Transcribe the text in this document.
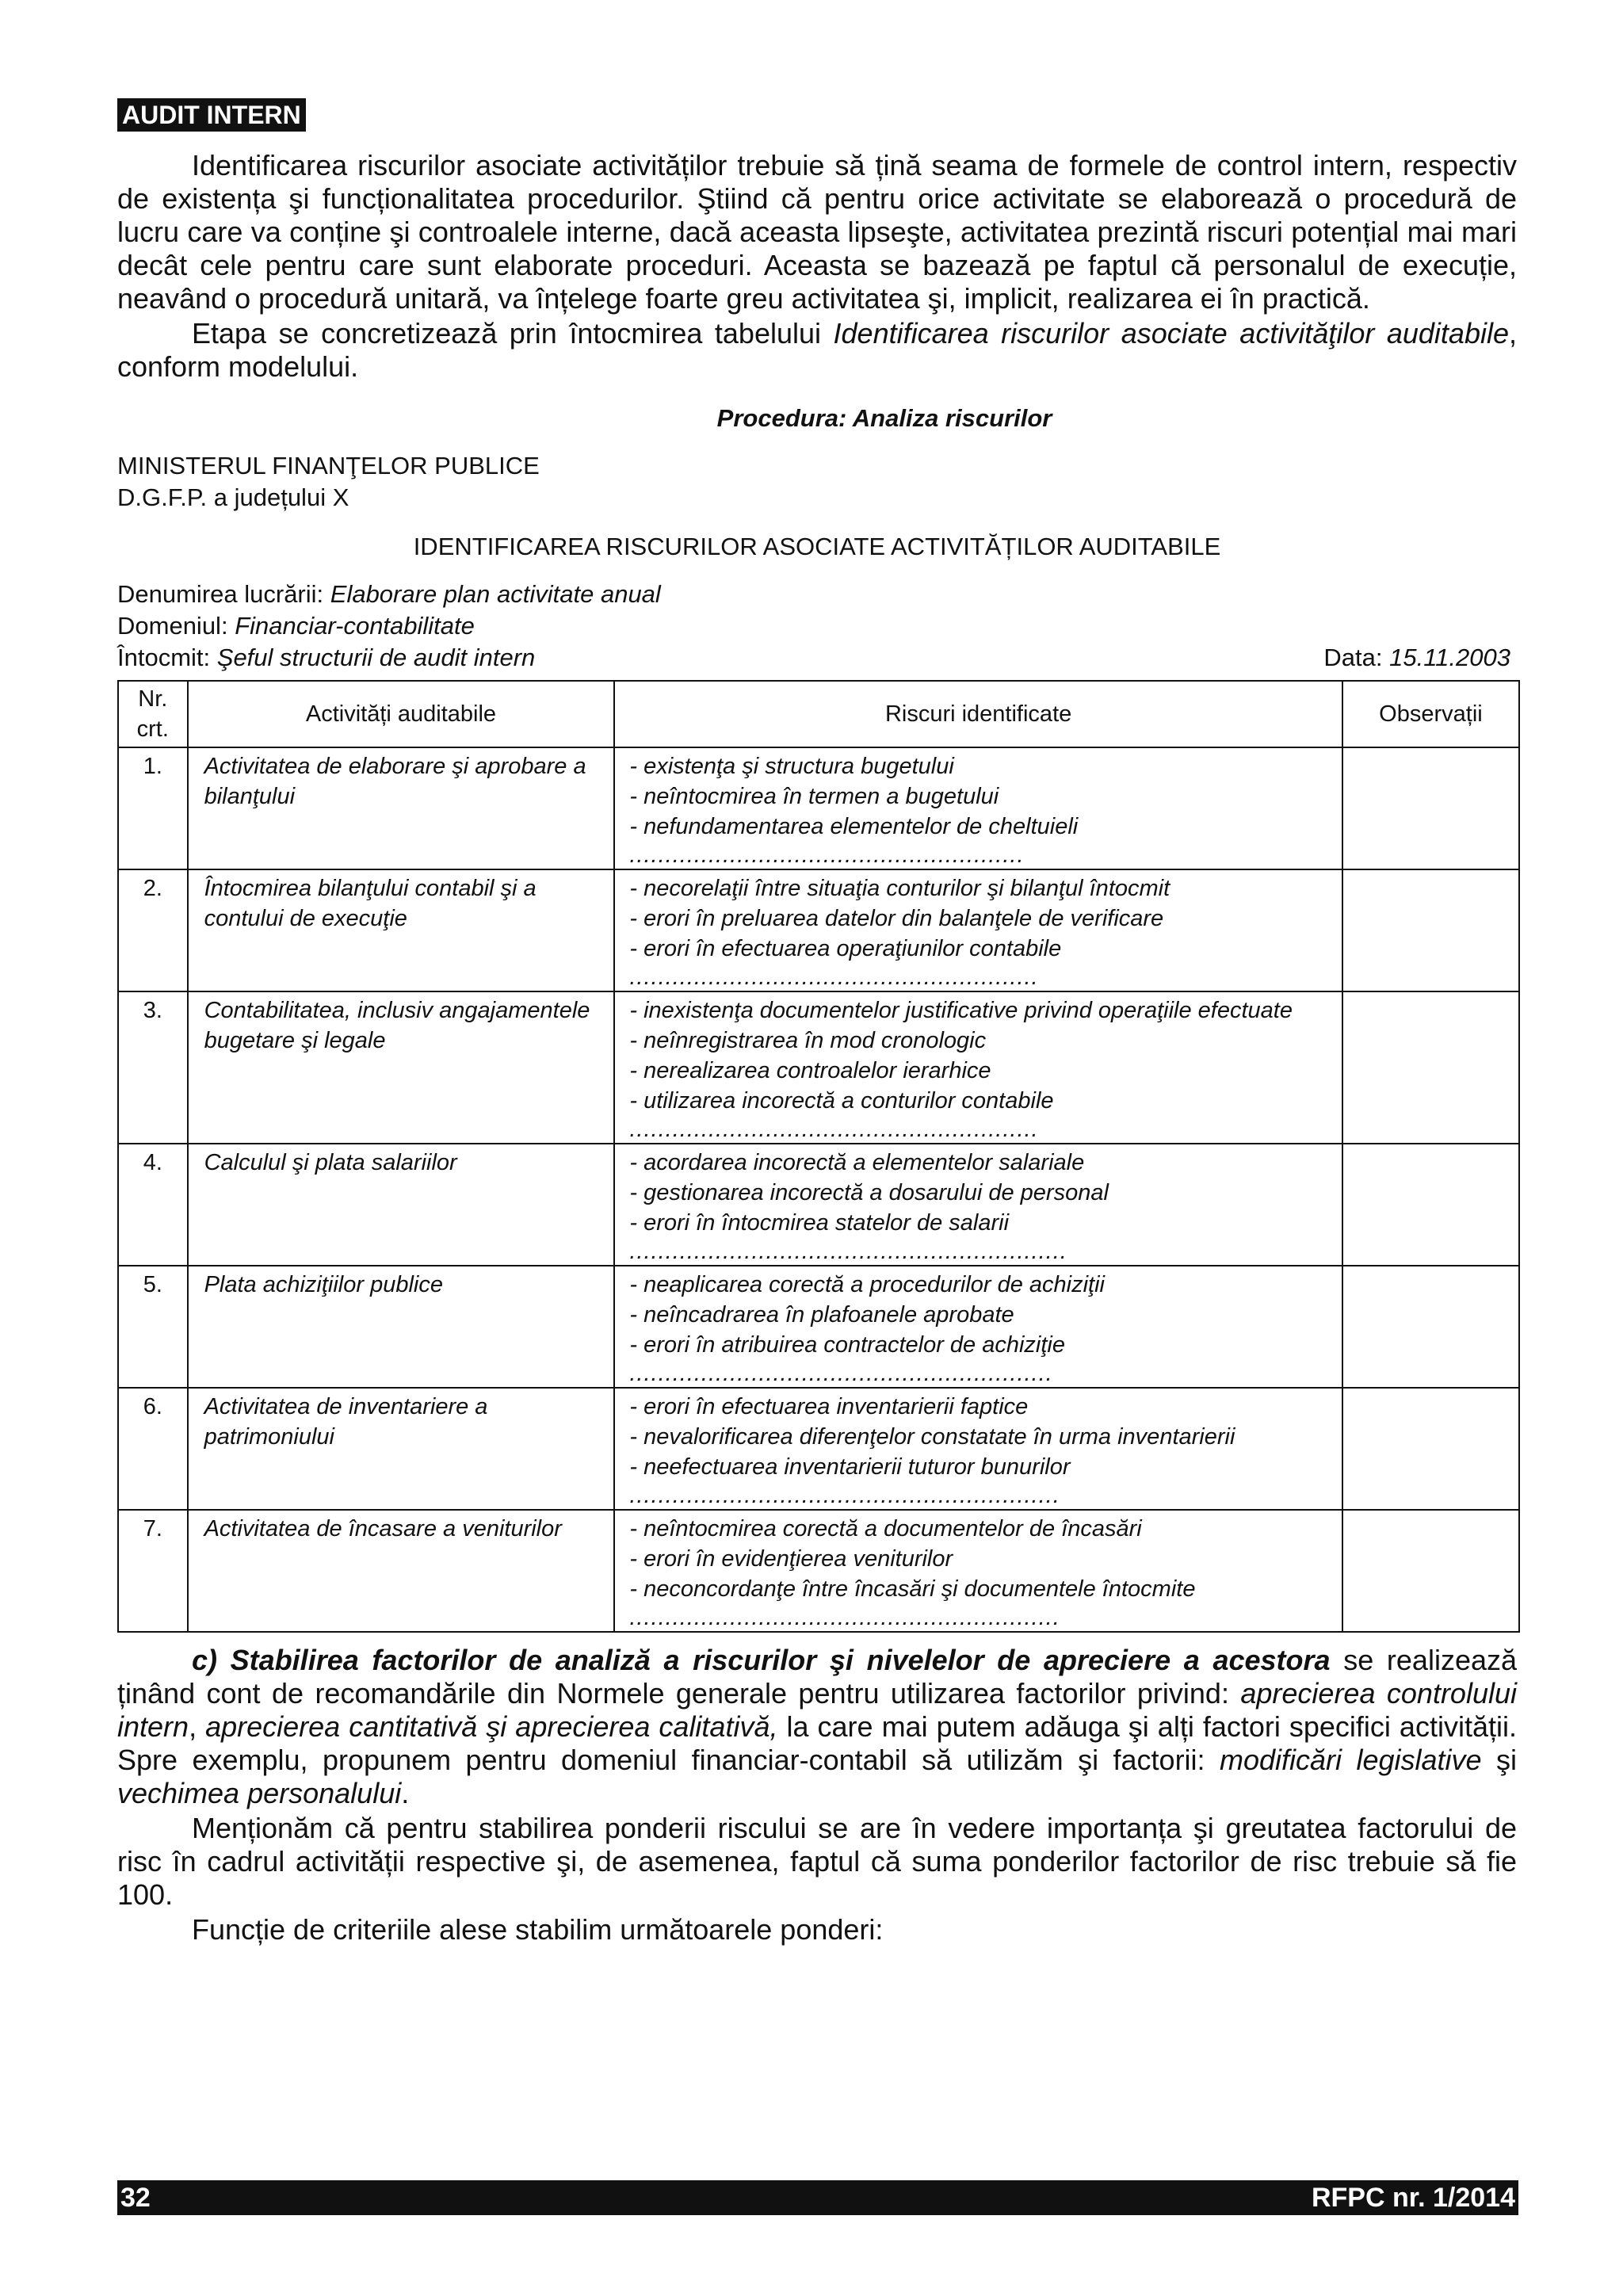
AUDIT INTERN

Identificarea riscurilor asociate activităților trebuie să țină seama de formele de control intern, respectiv de existența şi funcționalitatea procedurilor. Ştiind că pentru orice activitate se elaborează o procedură de lucru care va conține şi controalele interne, dacă aceasta lipseşte, activitatea prezintă riscuri potențial mai mari decât cele pentru care sunt elaborate proceduri. Aceasta se bazează pe faptul că personalul de execuție, neavând o procedură unitară, va înțelege foarte greu activitatea şi, implicit, realizarea ei în practică.

Etapa se concretizează prin întocmirea tabelului Identificarea riscurilor asociate activităţilor auditabile, conform modelului.

Procedura: Analiza riscurilor
MINISTERUL FINANŢELOR PUBLICE
D.G.F.P. a județului X
IDENTIFICAREA RISCURILOR ASOCIATE ACTIVITĂȚILOR AUDITABILE
Denumirea lucrării: Elaborare plan activitate anual
Domeniul: Financiar-contabilitate
Întocmit: Şeful structurii de audit intern	Data: 15.11.2003
Nr. crt.	Activități auditabile	Riscuri identificate	Observații
1.	Activitatea de elaborare şi aprobare a bilanţului	- existenţa şi structura bugetului
- neîntocmirea în termen a bugetului
- nefundamentarea elementelor de cheltuieli
.......................................................	

2.	Întocmirea bilanţului contabil şi a contului de execuţie	- necorelaţii între situaţia conturilor şi bilanţul întocmit
- erori în preluarea datelor din balanţele de verificare
- erori în efectuarea operaţiunilor contabile
.........................................................	

3.	Contabilitatea, inclusiv angajamentele bugetare şi legale	- inexistenţa documentelor justificative privind operaţiile efectuate
- neînregistrarea în mod cronologic
- nerealizarea controalelor ierarhice
- utilizarea incorectă a conturilor contabile
.........................................................	

4.	Calculul şi plata salariilor	- acordarea incorectă a elementelor salariale
- gestionarea incorectă a dosarului de personal
- erori în întocmirea statelor de salarii
.............................................................	

5.	Plata achiziţiilor publice	- neaplicarea corectă a procedurilor de achiziţii
- neîncadrarea în plafoanele aprobate
- erori în atribuirea contractelor de achiziţie
...........................................................	

6.	Activitatea de inventariere a patrimoniului	- erori în efectuarea inventarierii faptice
- nevalorificarea diferenţelor constatate în urma inventarierii
- neefectuarea inventarierii tuturor bunurilor
............................................................	

7.	Activitatea de încasare a veniturilor	- neîntocmirea corectă a documentelor de încasări
- erori în evidenţierea veniturilor
- neconcordanţe între încasări şi documentele întocmite
............................................................	

c) Stabilirea factorilor de analiză a riscurilor şi nivelelor de apreciere a acestora se realizează ținând cont de recomandările din Normele generale pentru utilizarea factorilor privind: aprecierea controlului intern, aprecierea cantitativă şi aprecierea calitativă, la care mai putem adăuga şi alți factori specifici activității. Spre exemplu, propunem pentru domeniul financiar-contabil să utilizăm şi factorii: modificări legislative şi vechimea personalului.

Menționăm că pentru stabilirea ponderii riscului se are în vedere importanța şi greutatea factorului de risc în cadrul activității respective şi, de asemenea, faptul că suma ponderilor factorilor de risc trebuie să fie 100.

Funcție de criteriile alese stabilim următoarele ponderi:

32	RFPC nr. 1/2014
